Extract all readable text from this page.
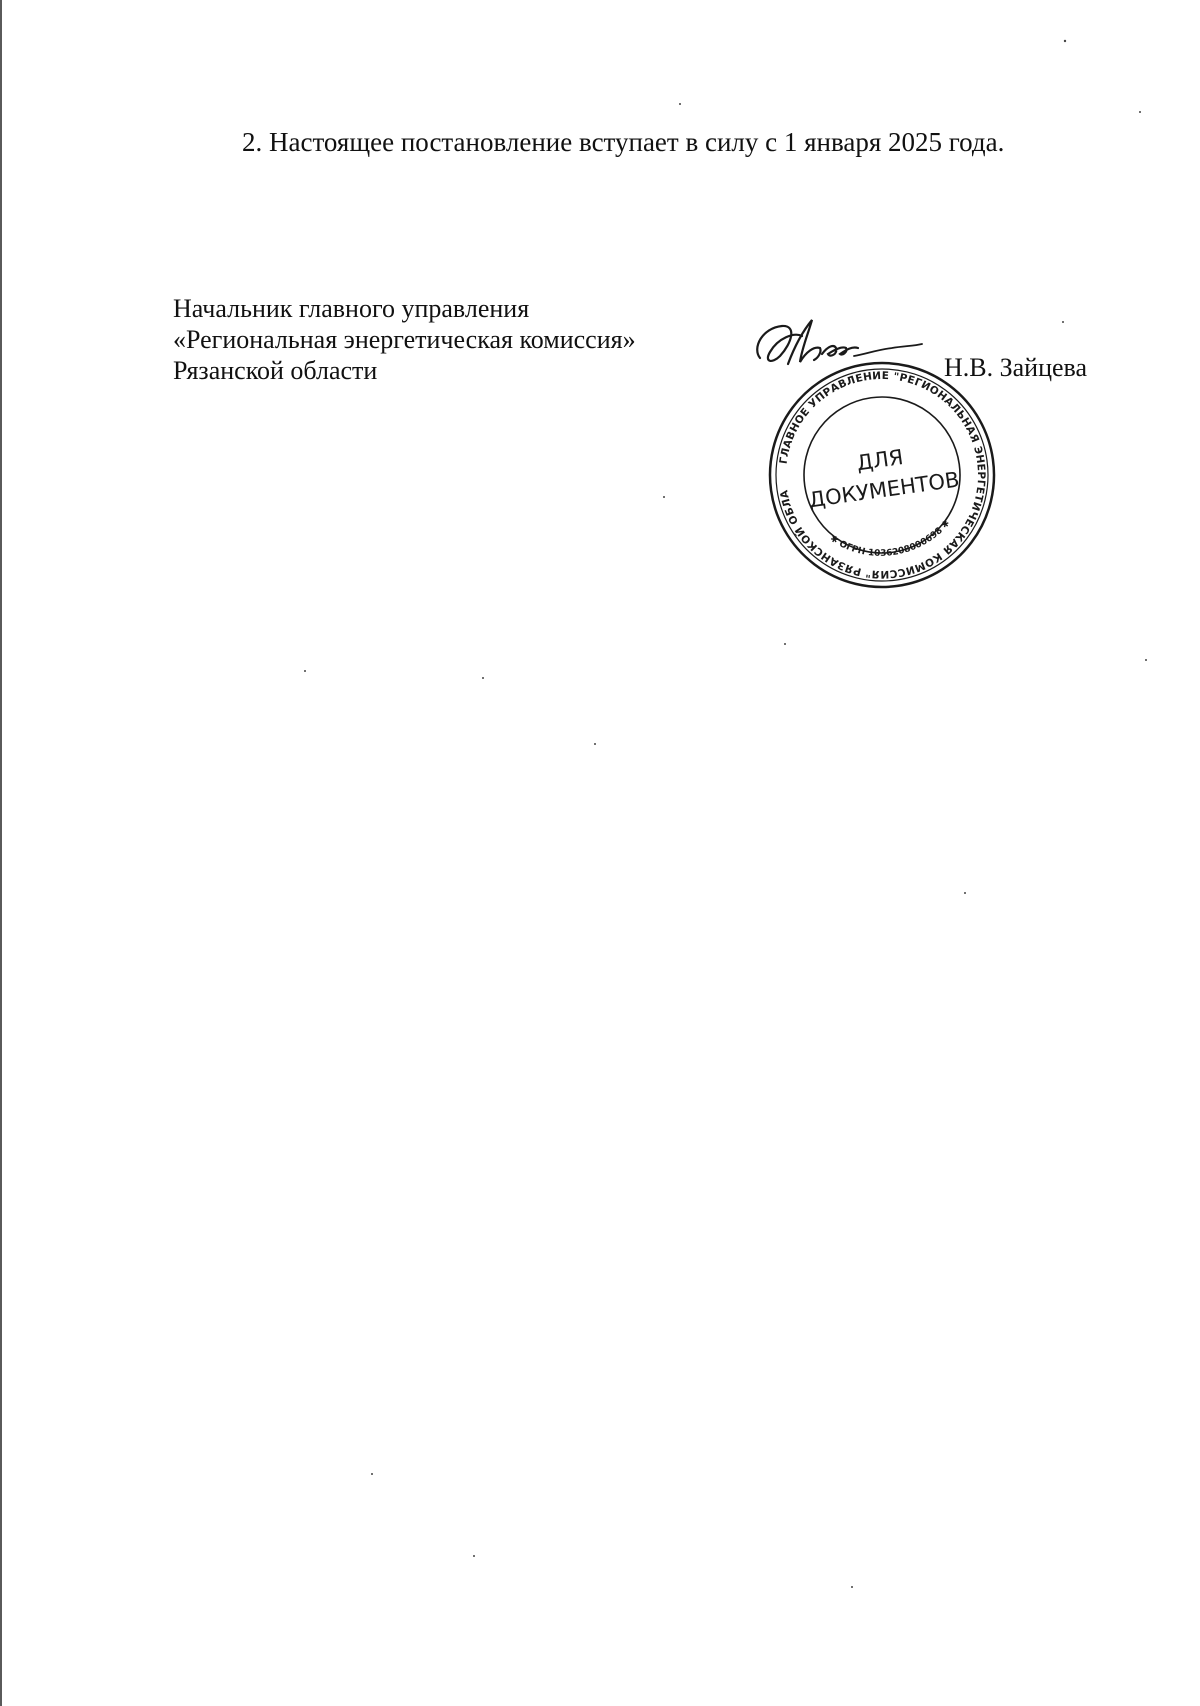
2. Настоящее постановление вступает в силу с 1 января 2025 года.
Начальник главного управления
«Региональная энергетическая комиссия»
Рязанской области	Н.В. Зайцева
ГЛАВНОЕ УПРАВЛЕНИЕ "РЕГИОНАЛЬНАЯ ЭНЕРГЕТИЧЕСКАЯ КОМИССИЯ" РЯЗАНСКОЙ ОБЛАСТИ
✱ ОГРН 1036208000698 ✱
ДЛЯ
ДОКУМЕНТОВ
